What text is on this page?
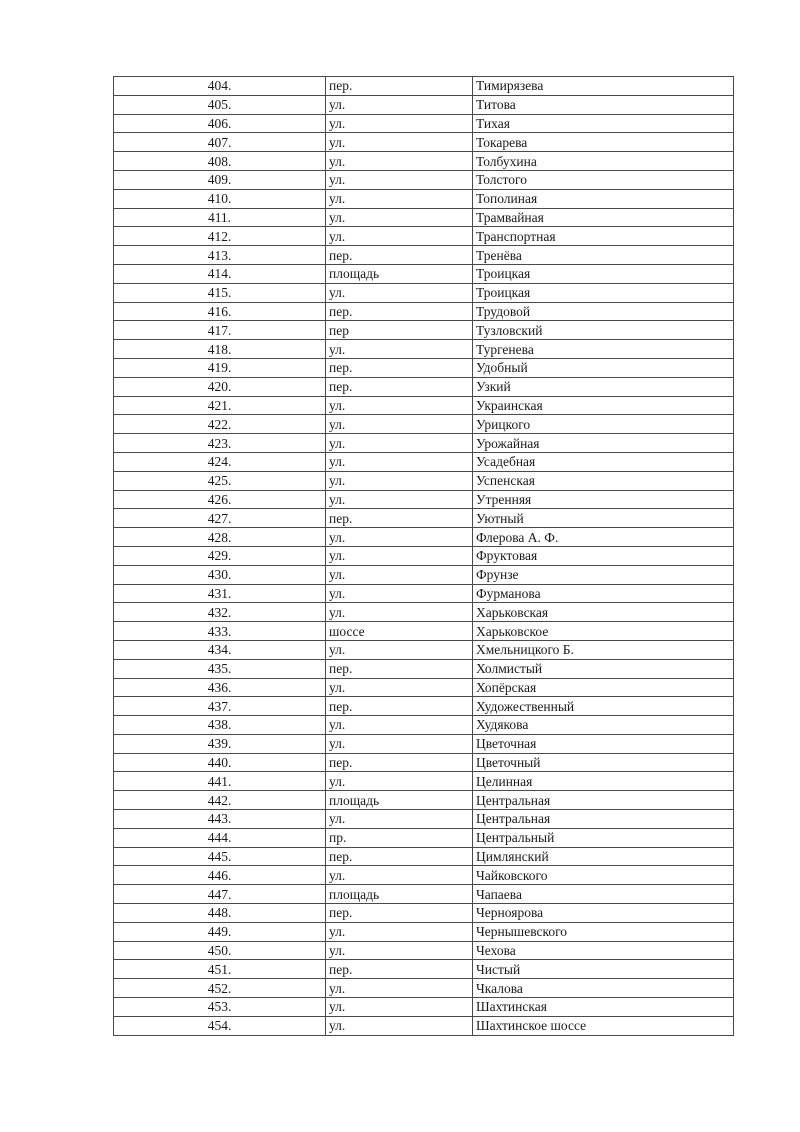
404.	пер.	Тимирязева
405.	ул.	Титова
406.	ул.	Тихая
407.	ул.	Токарева
408.	ул.	Толбухина
409.	ул.	Толстого
410.	ул.	Тополиная
411.	ул.	Трамвайная
412.	ул.	Транспортная
413.	пер.	Тренёва
414.	площадь	Троицкая
415.	ул.	Троицкая
416.	пер.	Трудовой
417.	пер	Тузловский
418.	ул.	Тургенева
419.	пер.	Удобный
420.	пер.	Узкий
421.	ул.	Украинская
422.	ул.	Урицкого
423.	ул.	Урожайная
424.	ул.	Усадебная
425.	ул.	Успенская
426.	ул.	Утренняя
427.	пер.	Уютный
428.	ул.	Флерова А. Ф.
429.	ул.	Фруктовая
430.	ул.	Фрунзе
431.	ул.	Фурманова
432.	ул.	Харьковская
433.	шоссе	Харьковское
434.	ул.	Хмельницкого Б.
435.	пер.	Холмистый
436.	ул.	Хопёрская
437.	пер.	Художественный
438.	ул.	Худякова
439.	ул.	Цветочная
440.	пер.	Цветочный
441.	ул.	Целинная
442.	площадь	Центральная
443.	ул.	Центральная
444.	пр.	Центральный
445.	пер.	Цимлянский
446.	ул.	Чайковского
447.	площадь	Чапаева
448.	пер.	Черноярова
449.	ул.	Чернышевского
450.	ул.	Чехова
451.	пер.	Чистый
452.	ул.	Чкалова
453.	ул.	Шахтинская
454.	ул.	Шахтинское шоссе
